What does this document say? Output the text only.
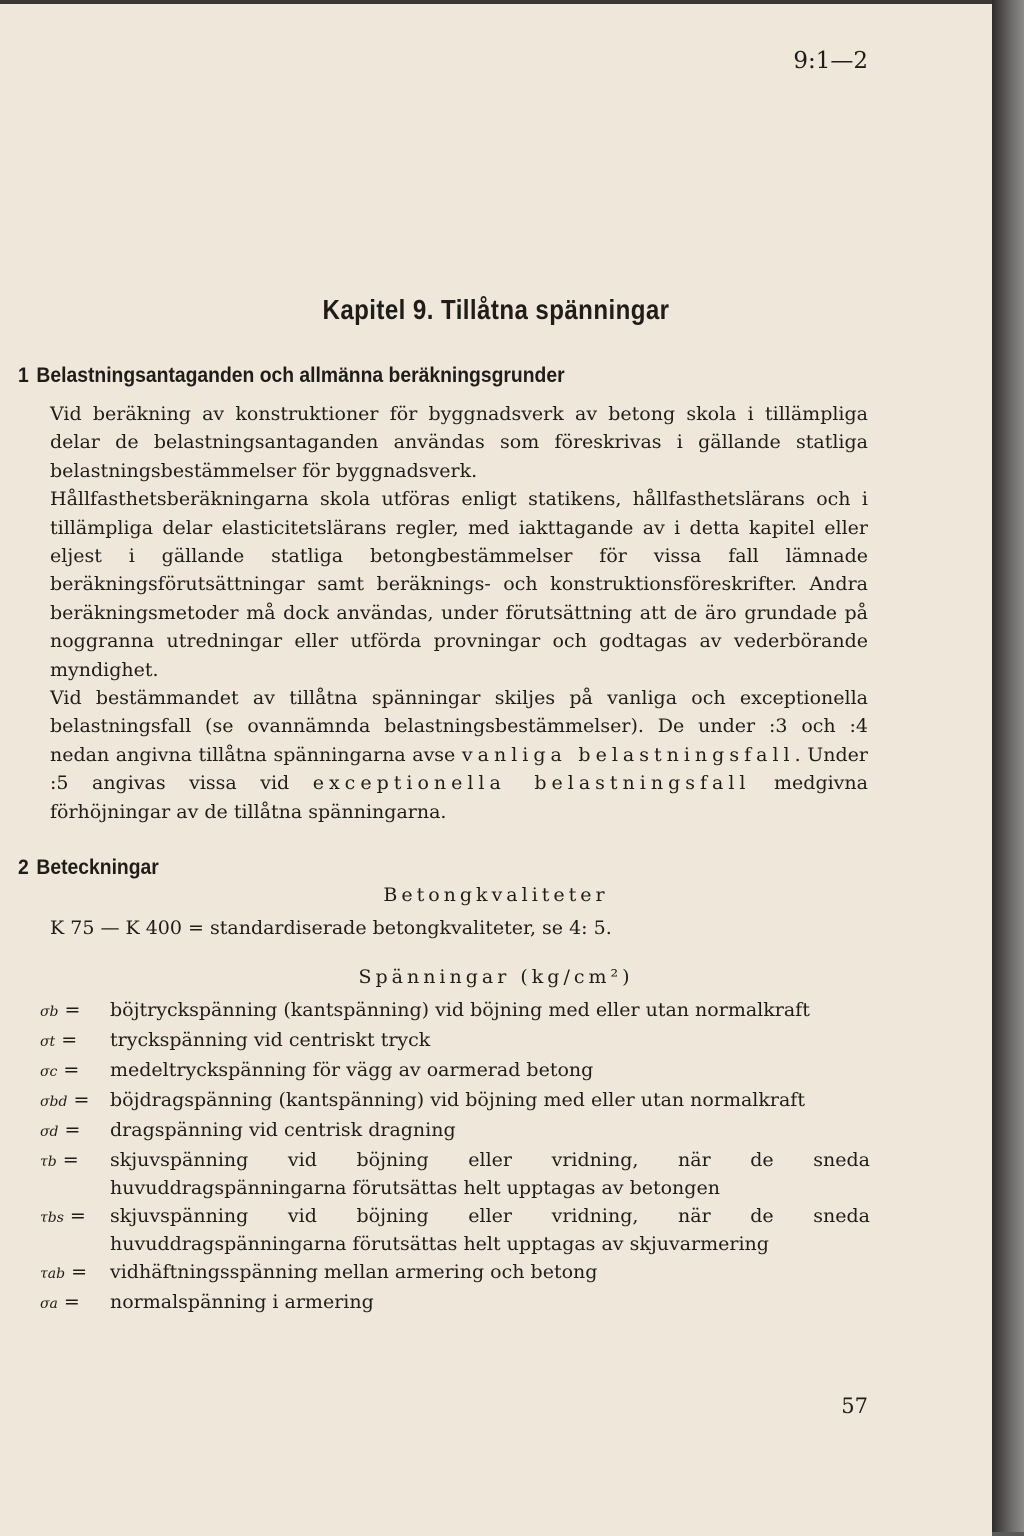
9:1—2
Kapitel 9. Tillåtna spänningar
1 Belastningsantaganden och allmänna beräkningsgrunder

Vid beräkning av konstruktioner för byggnadsverk av betong skola i tillämpliga delar de belastningsantaganden användas som föreskrivas i gällande statliga belastningsbestämmelser för byggnadsverk.

Hållfasthetsberäkningarna skola utföras enligt statikens, hållfasthetslärans och i tillämpliga delar elasticitetslärans regler, med iakttagande av i detta kapitel eller eljest i gällande statliga betongbestämmelser för vissa fall lämnade beräkningsförutsättningar samt beräknings- och konstruktionsföreskrifter. Andra beräkningsmetoder må dock användas, under förutsättning att de äro grundade på noggranna utredningar eller utförda provningar och godtagas av vederbörande myndighet.

Vid bestämmandet av tillåtna spänningar skiljes på vanliga och exceptionella belastningsfall (se ovannämnda belastningsbestämmelser). De under :3 och :4 nedan angivna tillåtna spänningarna avse vanliga belastningsfall. Under :5 angivas vissa vid exceptionella belastningsfall medgivna förhöjningar av de tillåtna spänningarna.

2 Beteckningar
Betongkvaliteter
K 75 — K 400 = standardiserade betongkvaliteter, se 4: 5.
Spänningar (kg/cm²)
σb =	böjtryckspänning (kantspänning) vid böjning med eller utan normalkraft
σt =	tryckspänning vid centriskt tryck
σc =	medeltryckspänning för vägg av oarmerad betong
σbd =	böjdragspänning (kantspänning) vid böjning med eller utan normalkraft
σd =	dragspänning vid centrisk dragning
τb =	skjuvspänning vid böjning eller vridning, när de sneda huvuddragspänningarna förutsättas helt upptagas av betongen
τbs =	skjuvspänning vid böjning eller vridning, när de sneda huvuddragspänningarna förutsättas helt upptagas av skjuvarmering
τab =	vidhäftningsspänning mellan armering och betong
σa =	normalspänning i armering
57
